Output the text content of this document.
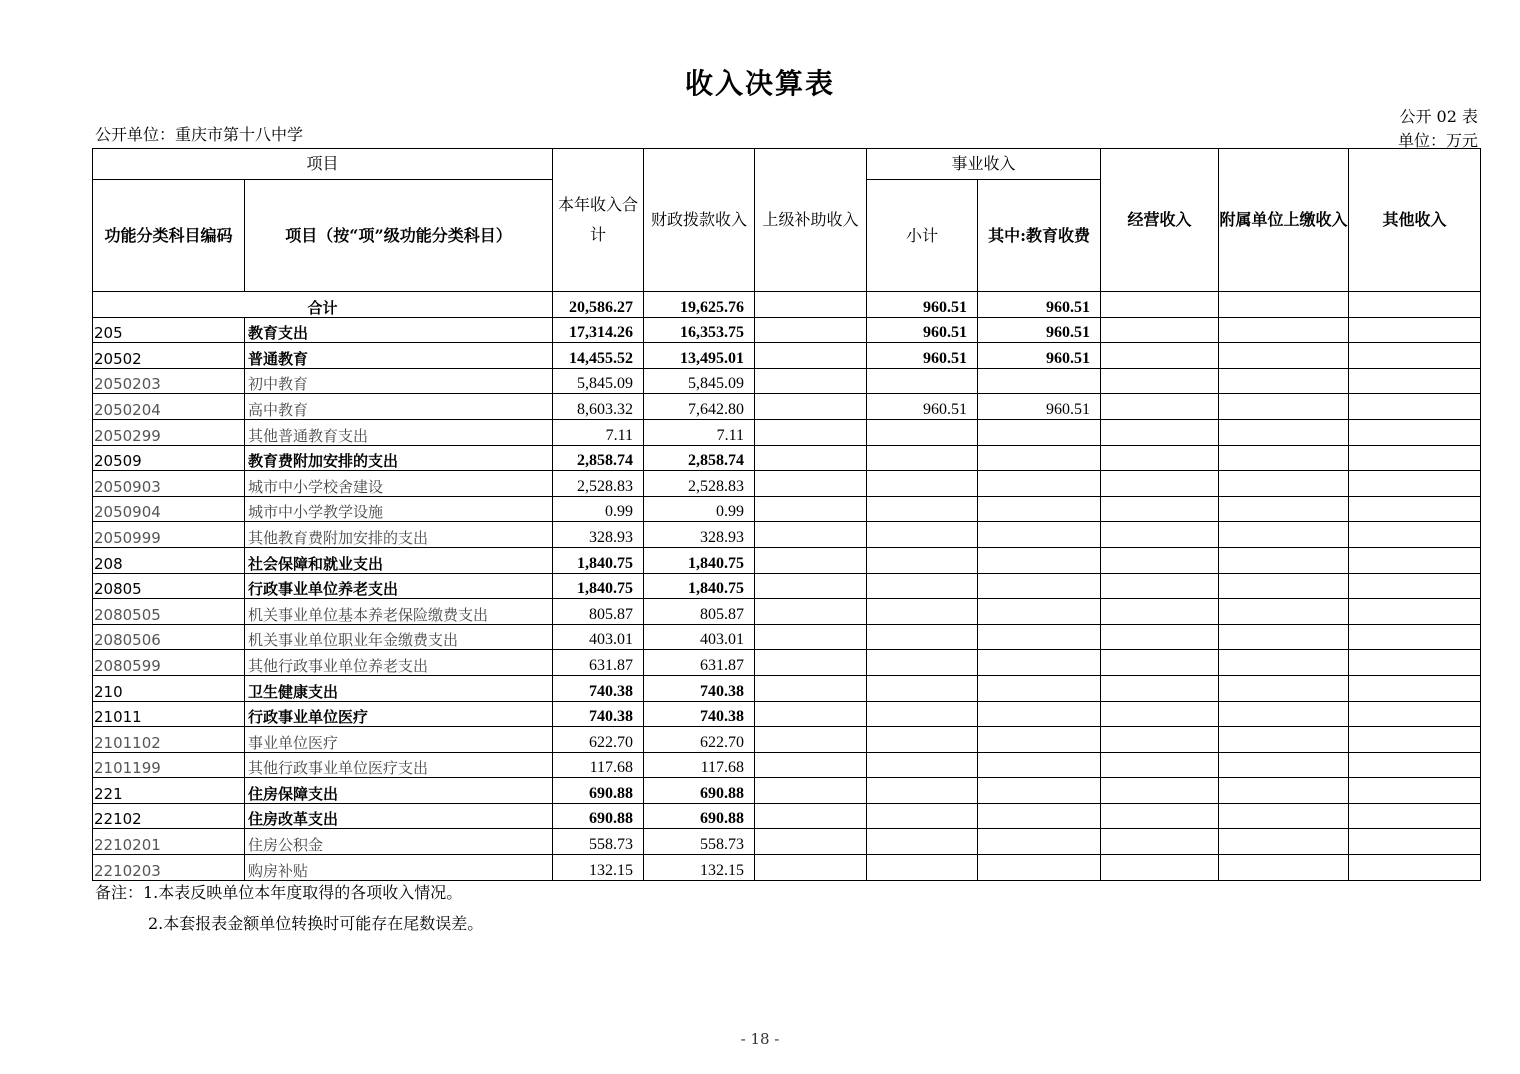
收入决算表
公开单位：重庆市第十八中学
公开 02 表
单位：万元
项目		本年收入合计	财政拨款收入	上级补助收入	事业收入		经营收入	附属单位上缴收入	其他收入
功能分类科目编码	项目（按“项”级功能分类科目）				小计	其中:教育收费			
合计		20,586.27	19,625.76		960.51	960.51			
205	教育支出	17,314.26	16,353.75		960.51	960.51			
20502	普通教育	14,455.52	13,495.01		960.51	960.51			
2050203	初中教育	5,845.09	5,845.09						
2050204	高中教育	8,603.32	7,642.80		960.51	960.51			
2050299	其他普通教育支出	7.11	7.11						
20509	教育费附加安排的支出	2,858.74	2,858.74						
2050903	城市中小学校舍建设	2,528.83	2,528.83						
2050904	城市中小学教学设施	0.99	0.99						
2050999	其他教育费附加安排的支出	328.93	328.93						
208	社会保障和就业支出	1,840.75	1,840.75						
20805	行政事业单位养老支出	1,840.75	1,840.75						
2080505	机关事业单位基本养老保险缴费支出	805.87	805.87						
2080506	机关事业单位职业年金缴费支出	403.01	403.01						
2080599	其他行政事业单位养老支出	631.87	631.87						
210	卫生健康支出	740.38	740.38						
21011	行政事业单位医疗	740.38	740.38						
2101102	事业单位医疗	622.70	622.70						
2101199	其他行政事业单位医疗支出	117.68	117.68						
221	住房保障支出	690.88	690.88						
22102	住房改革支出	690.88	690.88						
2210201	住房公积金	558.73	558.73						
2210203	购房补贴	132.15	132.15						
备注：1.本表反映单位本年度取得的各项收入情况。
2.本套报表金额单位转换时可能存在尾数误差。
- 18 -
